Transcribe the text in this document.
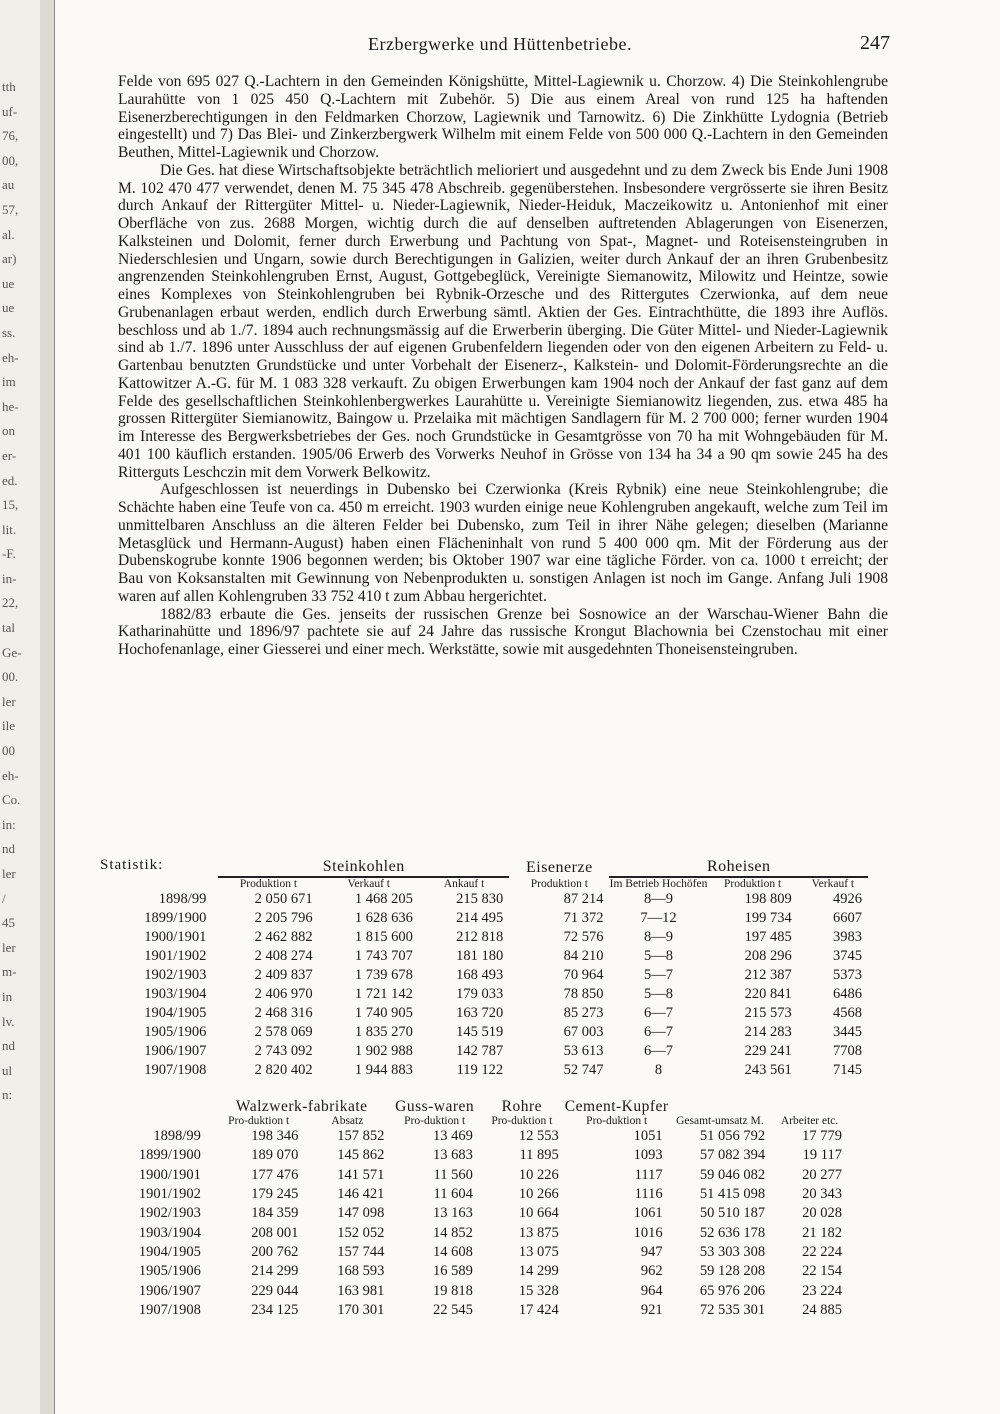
tth
uf-
76,
00,
au
57,
al.
ar)
ue
ue
ss.
eh-
im
he-
on
er-
ed.
15,
lit.
-F.
in-
22,
tal
Ge-
00.
ler
ile
00
eh-
Co.
in:
nd
ler
/
45
ler
m-
in
lv.
nd
ul
n:
Erzbergwerke und Hüttenbetriebe.	247

Felde von 695 027 Q.-Lachtern in den Gemeinden Königshütte, Mittel-Lagiewnik u. Chorzow. 4) Die Steinkohlengrube Laurahütte von 1 025 450 Q.-Lachtern mit Zubehör. 5) Die aus einem Areal von rund 125 ha haftenden Eisenerzberechtigungen in den Feldmarken Chorzow, Lagiewnik und Tarnowitz. 6) Die Zinkhütte Lydognia (Betrieb eingestellt) und 7) Das Blei- und Zinkerzbergwerk Wilhelm mit einem Felde von 500 000 Q.-Lachtern in den Gemeinden Beuthen, Mittel-Lagiewnik und Chorzow.

Die Ges. hat diese Wirtschaftsobjekte beträchtlich melioriert und ausgedehnt und zu dem Zweck bis Ende Juni 1908 M. 102 470 477 verwendet, denen M. 75 345 478 Abschreib. gegenüberstehen. Insbesondere vergrösserte sie ihren Besitz durch Ankauf der Rittergüter Mittel- u. Nieder-Lagiewnik, Nieder-Heiduk, Maczeikowitz u. Antonienhof mit einer Oberfläche von zus. 2688 Morgen, wichtig durch die auf denselben auftretenden Ablagerungen von Eisenerzen, Kalksteinen und Dolomit, ferner durch Erwerbung und Pachtung von Spat-, Magnet- und Roteisensteingruben in Niederschlesien und Ungarn, sowie durch Berechtigungen in Galizien, weiter durch Ankauf der an ihren Grubenbesitz angrenzenden Steinkohlengruben Ernst, August, Gottgebeglück, Vereinigte Siemanowitz, Milowitz und Heintze, sowie eines Komplexes von Steinkohlengruben bei Rybnik-Orzesche und des Rittergutes Czerwionka, auf dem neue Grubenanlagen erbaut werden, endlich durch Erwerbung sämtl. Aktien der Ges. Eintrachthütte, die 1893 ihre Auflös. beschloss und ab 1./7. 1894 auch rechnungsmässig auf die Erwerberin überging. Die Güter Mittel- und Nieder-Lagiewnik sind ab 1./7. 1896 unter Ausschluss der auf eigenen Grubenfeldern liegenden oder von den eigenen Arbeitern zu Feld- u. Gartenbau benutzten Grundstücke und unter Vorbehalt der Eisenerz-, Kalkstein- und Dolomit-Förderungsrechte an die Kattowitzer A.-G. für M. 1 083 328 verkauft. Zu obigen Erwerbungen kam 1904 noch der Ankauf der fast ganz auf dem Felde des gesellschaftlichen Steinkohlenbergwerkes Laurahütte u. Vereinigte Siemianowitz liegenden, zus. etwa 485 ha grossen Rittergüter Siemianowitz, Baingow u. Przelaika mit mächtigen Sandlagern für M. 2 700 000; ferner wurden 1904 im Interesse des Bergwerksbetriebes der Ges. noch Grundstücke in Gesamtgrösse von 70 ha mit Wohngebäuden für M. 401 100 käuflich erstanden. 1905/06 Erwerb des Vorwerks Neuhof in Grösse von 134 ha 34 a 90 qm sowie 245 ha des Ritterguts Leschczin mit dem Vorwerk Belkowitz.

Aufgeschlossen ist neuerdings in Dubensko bei Czerwionka (Kreis Rybnik) eine neue Steinkohlengrube; die Schächte haben eine Teufe von ca. 450 m erreicht. 1903 wurden einige neue Kohlengruben angekauft, welche zum Teil im unmittelbaren Anschluss an die älteren Felder bei Dubensko, zum Teil in ihrer Nähe gelegen; dieselben (Marianne Metasglück und Hermann-August) haben einen Flächeninhalt von rund 5 400 000 qm. Mit der Förderung aus der Dubenskogrube konnte 1906 begonnen werden; bis Oktober 1907 war eine tägliche Förder. von ca. 1000 t erreicht; der Bau von Koksanstalten mit Gewinnung von Nebenprodukten u. sonstigen Anlagen ist noch im Gange. Anfang Juli 1908 waren auf allen Kohlengruben 33 752 410 t zum Abbau hergerichtet.

1882/83 erbaute die Ges. jenseits der russischen Grenze bei Sosnowice an der Warschau-Wiener Bahn die Katharinahütte und 1896/97 pachtete sie auf 24 Jahre das russische Krongut Blachownia bei Czenstochau mit einer Hochofenanlage, einer Giesserei und einer mech. Werkstätte, sowie mit ausgedehnten Thoneisensteingruben.

Statistik:
		Steinkohlen			Eisenerze	Roheisen		
	Produktion t	Verkauf t	Ankauf t	Produktion t	Im Betrieb Hochöfen	Produktion t	Verkauf t
1898/99	2 050 671	1 468 205	215 830	87 214	8—9	198 809	4926
1899/1900	2 205 796	1 628 636	214 495	71 372	7—12	199 734	6607
1900/1901	2 462 882	1 815 600	212 818	72 576	8—9	197 485	3983
1901/1902	2 408 274	1 743 707	181 180	84 210	5—8	208 296	3745
1902/1903	2 409 837	1 739 678	168 493	70 964	5—7	212 387	5373
1903/1904	2 406 970	1 721 142	179 033	78 850	5—8	220 841	6486
1904/1905	2 468 316	1 740 905	163 720	85 273	6—7	215 573	4568
1905/1906	2 578 069	1 835 270	145 519	67 003	6—7	214 283	3445
1906/1907	2 743 092	1 902 988	142 787	53 613	6—7	229 241	7708
1907/1908	2 820 402	1 944 883	119 122	52 747	8	243 561	7145
	Walzwerk-fabrikate		Guss-waren	Rohre	Cement-Kupfer		
	Pro-duktion t	Absatz	Pro-duktion t	Pro-duktion t	Pro-duktion t	Gesamt-umsatz M.	Arbeiter etc.
1898/99	198 346	157 852	13 469	12 553	1051	51 056 792	17 779
1899/1900	189 070	145 862	13 683	11 895	1093	57 082 394	19 117
1900/1901	177 476	141 571	11 560	10 226	1117	59 046 082	20 277
1901/1902	179 245	146 421	11 604	10 266	1116	51 415 098	20 343
1902/1903	184 359	147 098	13 163	10 664	1061	50 510 187	20 028
1903/1904	208 001	152 052	14 852	13 875	1016	52 636 178	21 182
1904/1905	200 762	157 744	14 608	13 075	947	53 303 308	22 224
1905/1906	214 299	168 593	16 589	14 299	962	59 128 208	22 154
1906/1907	229 044	163 981	19 818	15 328	964	65 976 206	23 224
1907/1908	234 125	170 301	22 545	17 424	921	72 535 301	24 885
